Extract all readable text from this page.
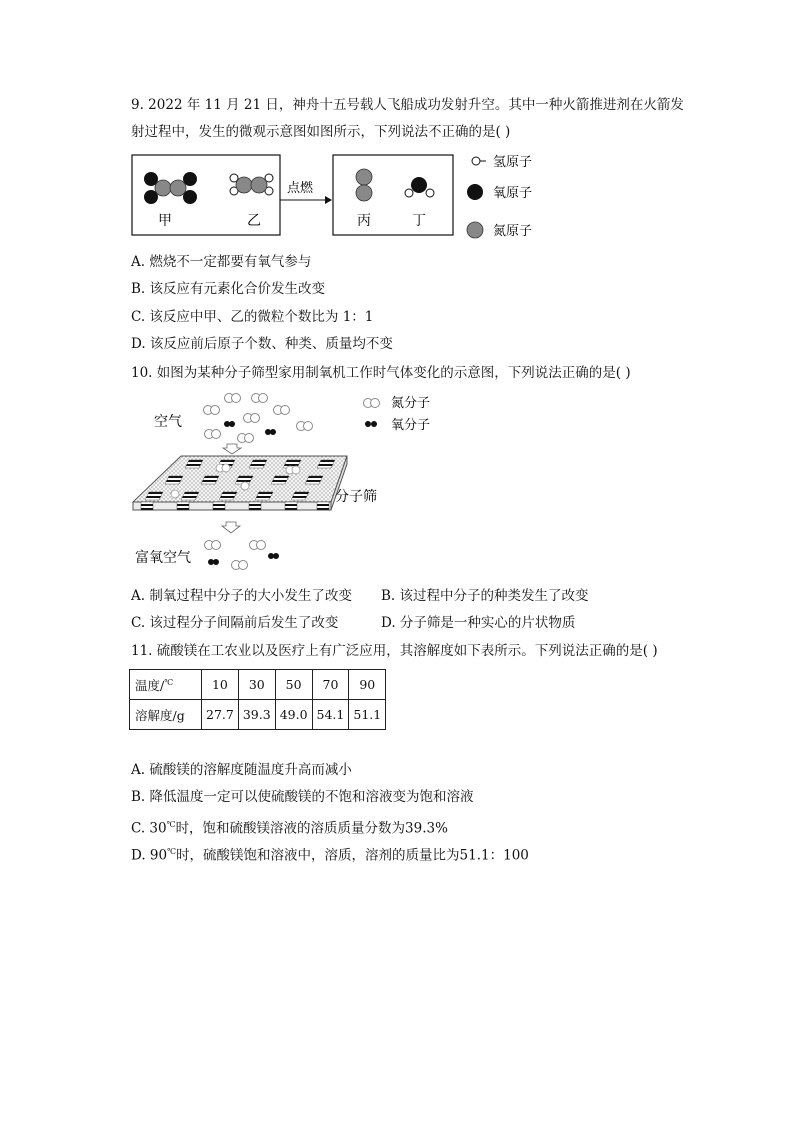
9. 2022 年 11 月 21 日，神舟十五号载人飞船成功发射升空。其中一种火箭推进剂在火箭发
射过程中，发生的微观示意图如图所示，下列说法不正确的是( )
甲	乙
点燃
丙	丁
氢原子
氧原子
氮原子
A. 燃烧不一定都要有氧气参与
B. 该反应有元素化合价发生改变
C. 该反应中甲、乙的微粒个数比为 1：1
D. 该反应前后原子个数、种类、质量均不变
10. 如图为某种分子筛型家用制氧机工作时气体变化的示意图，下列说法正确的是( )
空气
氮分子
氧分子
分子筛
富氧空气
A. 制氧过程中分子的大小发生了改变 B. 该过程中分子的种类发生了改变
C. 该过程分子间隔前后发生了改变	D. 分子筛是一种实心的片状物质
11. 硫酸镁在工农业以及医疗上有广泛应用，其溶解度如下表所示。下列说法正确的是( )
温度/℃	10	30	50	70	90
溶解度/g	27.7	39.3	49.0	54.1	51.1
A. 硫酸镁的溶解度随温度升高而减小
B. 降低温度一定可以使硫酸镁的不饱和溶液变为饱和溶液
C. 30℃时，饱和硫酸镁溶液的溶质质量分数为39.3%
D. 90℃时，硫酸镁饱和溶液中，溶质，溶剂的质量比为51.1：100
